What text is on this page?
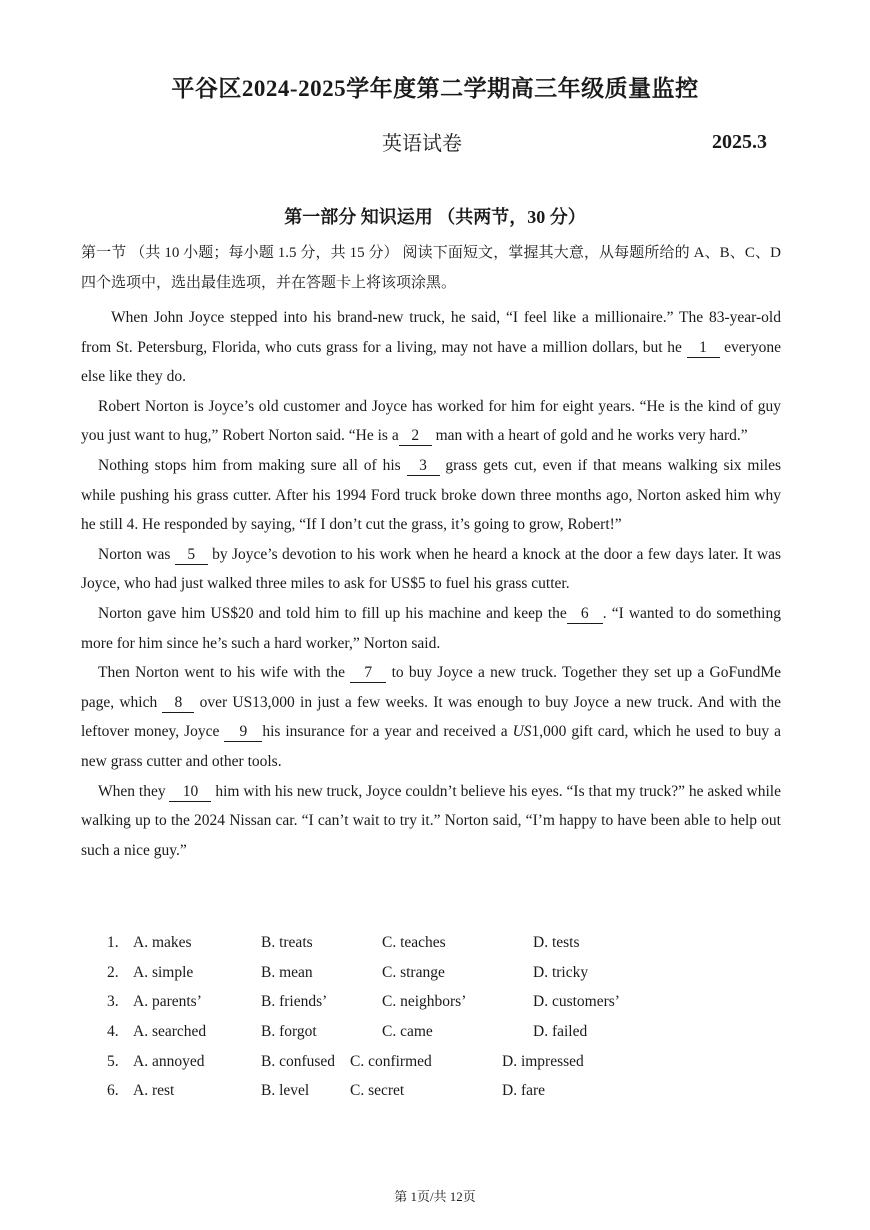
平谷区2024-2025学年度第二学期高三年级质量监控
英语试卷	2025.3
第一部分 知识运用 （共两节，30 分）
第一节 （共 10 小题；每小题 1.5 分，共 15 分） 阅读下面短文，掌握其大意，从每题所给的 A、B、C、D 四个选项中，选出最佳选项，并在答题卡上将该项涂黑。

When John Joyce stepped into his brand-new truck, he said, “I feel like a millionaire.” The 83-year-old from St. Petersburg, Florida, who cuts grass for a living, may not have a million dollars, but he 1 everyone else like they do.

Robert Norton is Joyce’s old customer and Joyce has worked for him for eight years. “He is the kind of guy you just want to hug,” Robert Norton said. “He is a 2 man with a heart of gold and he works very hard.”

Nothing stops him from making sure all of his 3 grass gets cut, even if that means walking six miles while pushing his grass cutter. After his 1994 Ford truck broke down three months ago, Norton asked him why he still 4. He responded by saying, “If I don’t cut the grass, it’s going to grow, Robert!”

Norton was 5 by Joyce’s devotion to his work when he heard a knock at the door a few days later. It was Joyce, who had just walked three miles to ask for US$5 to fuel his grass cutter.

Norton gave him US$20 and told him to fill up his machine and keep the 6 . “I wanted to do something more for him since he’s such a hard worker,” Norton said.

Then Norton went to his wife with the 7 to buy Joyce a new truck. Together they set up a GoFundMe page, which 8 over US13,000 in just a few weeks. It was enough to buy Joyce a new truck. And with the leftover money, Joyce 9 his insurance for a year and received a US1,000 gift card, which he used to buy a new grass cutter and other tools.

When they 10 him with his new truck, Joyce couldn’t believe his eyes. “Is that my truck?” he asked while walking up to the 2024 Nissan car. “I can’t wait to try it.” Norton said, “I’m happy to have been able to help out such a nice guy.”

1. A. makes	B. treats	C. teaches	D. tests
2. A. simple	B. mean	C. strange	D. tricky
3. A. parents’	B. friends’	C. neighbors’	D. customers’
4. A. searched	B. forgot	C. came	D. failed
5. A. annoyed	B. confused C. confirmed	D. impressed
6. A. rest	B. level	C. secret	D. fare
第 1页/共 12页
